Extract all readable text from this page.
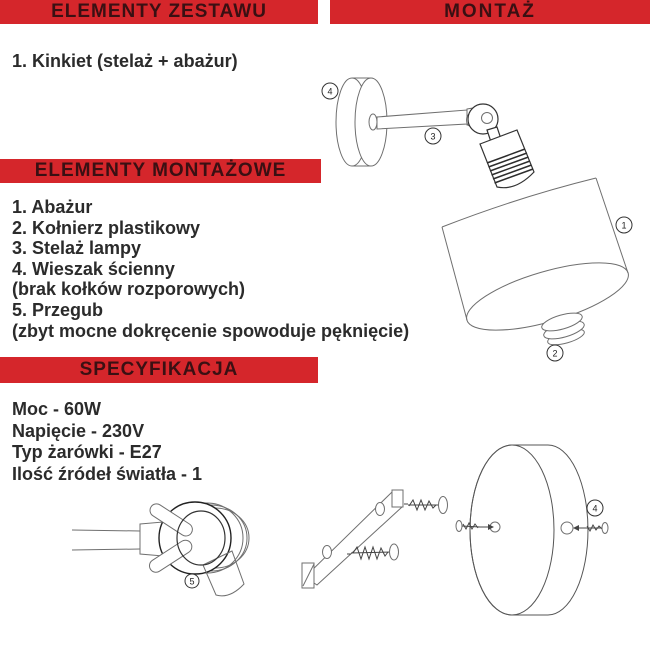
ELEMENTY ZESTAWU	MONTAŻ
1. Kinkiet (stelaż + abażur)
ELEMENTY MONTAŻOWE
1. Abażur
2. Kołnierz plastikowy
3. Stelaż lampy
4. Wieszak ścienny
(brak kołków rozporowych)
5. Przegub
(zbyt mocne dokręcenie spowoduje pęknięcie)
SPECYFIKACJA
Moc - 60W
Napięcie - 230V
Typ żarówki - E27
Ilość źródeł światła - 1
4
3
1
2
5
4
